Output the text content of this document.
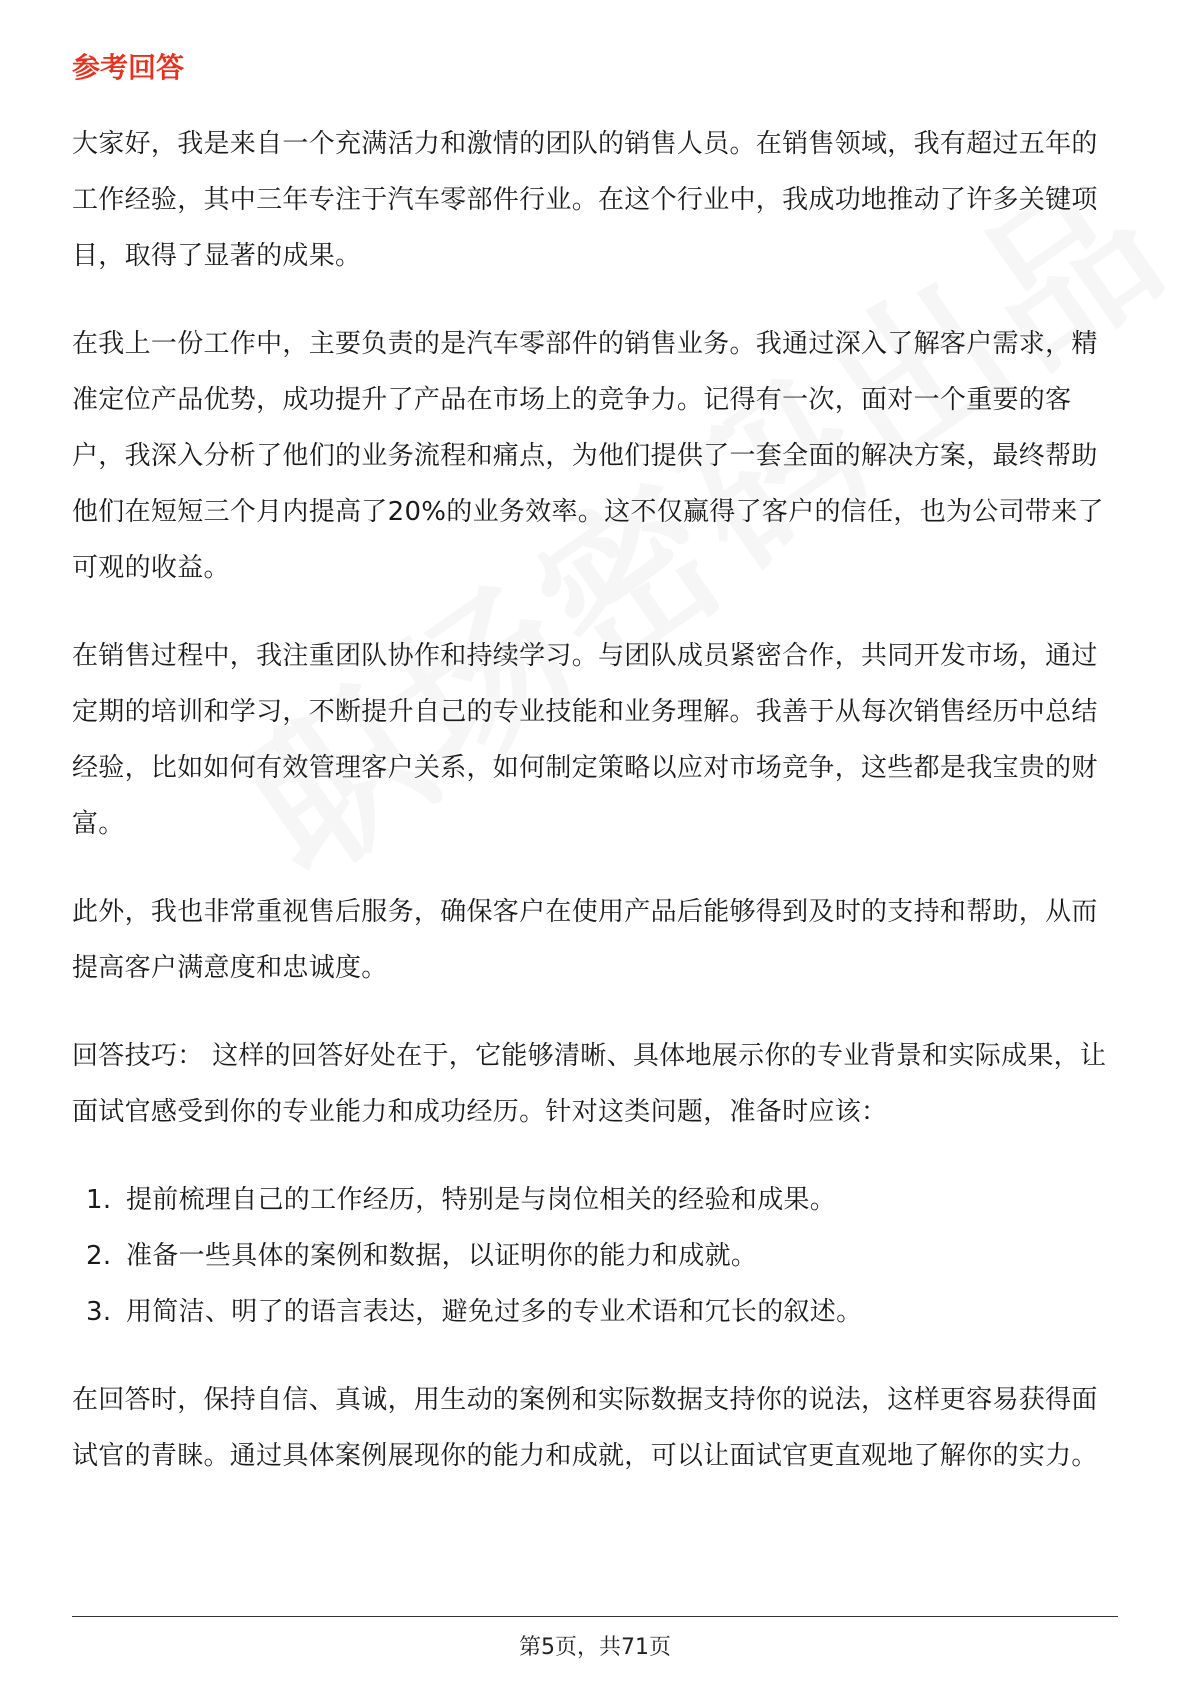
参考回答

大家好，我是来自一个充满活力和激情的团队的销售人员。在销售领域，我有超过五年的工作经验，其中三年专注于汽车零部件行业。在这个行业中，我成功地推动了许多关键项目，取得了显著的成果。

在我上一份工作中，主要负责的是汽车零部件的销售业务。我通过深入了解客户需求，精准定位产品优势，成功提升了产品在市场上的竞争力。记得有一次，面对一个重要的客户，我深入分析了他们的业务流程和痛点，为他们提供了一套全面的解决方案，最终帮助他们在短短三个月内提高了20%的业务效率。这不仅赢得了客户的信任，也为公司带来了可观的收益。

在销售过程中，我注重团队协作和持续学习。与团队成员紧密合作，共同开发市场，通过定期的培训和学习，不断提升自己的专业技能和业务理解。我善于从每次销售经历中总结经验，比如如何有效管理客户关系，如何制定策略以应对市场竞争，这些都是我宝贵的财富。

此外，我也非常重视售后服务，确保客户在使用产品后能够得到及时的支持和帮助，从而提高客户满意度和忠诚度。

回答技巧： 这样的回答好处在于，它能够清晰、具体地展示你的专业背景和实际成果，让面试官感受到你的专业能力和成功经历。针对这类问题，准备时应该：

1. 提前梳理自己的工作经历，特别是与岗位相关的经验和成果。
2. 准备一些具体的案例和数据，以证明你的能力和成就。
3. 用简洁、明了的语言表达，避免过多的专业术语和冗长的叙述。

在回答时，保持自信、真诚，用生动的案例和实际数据支持你的说法，这样更容易获得面试官的青睐。通过具体案例展现你的能力和成就，可以让面试官更直观地了解你的实力。

第5页，共71页
